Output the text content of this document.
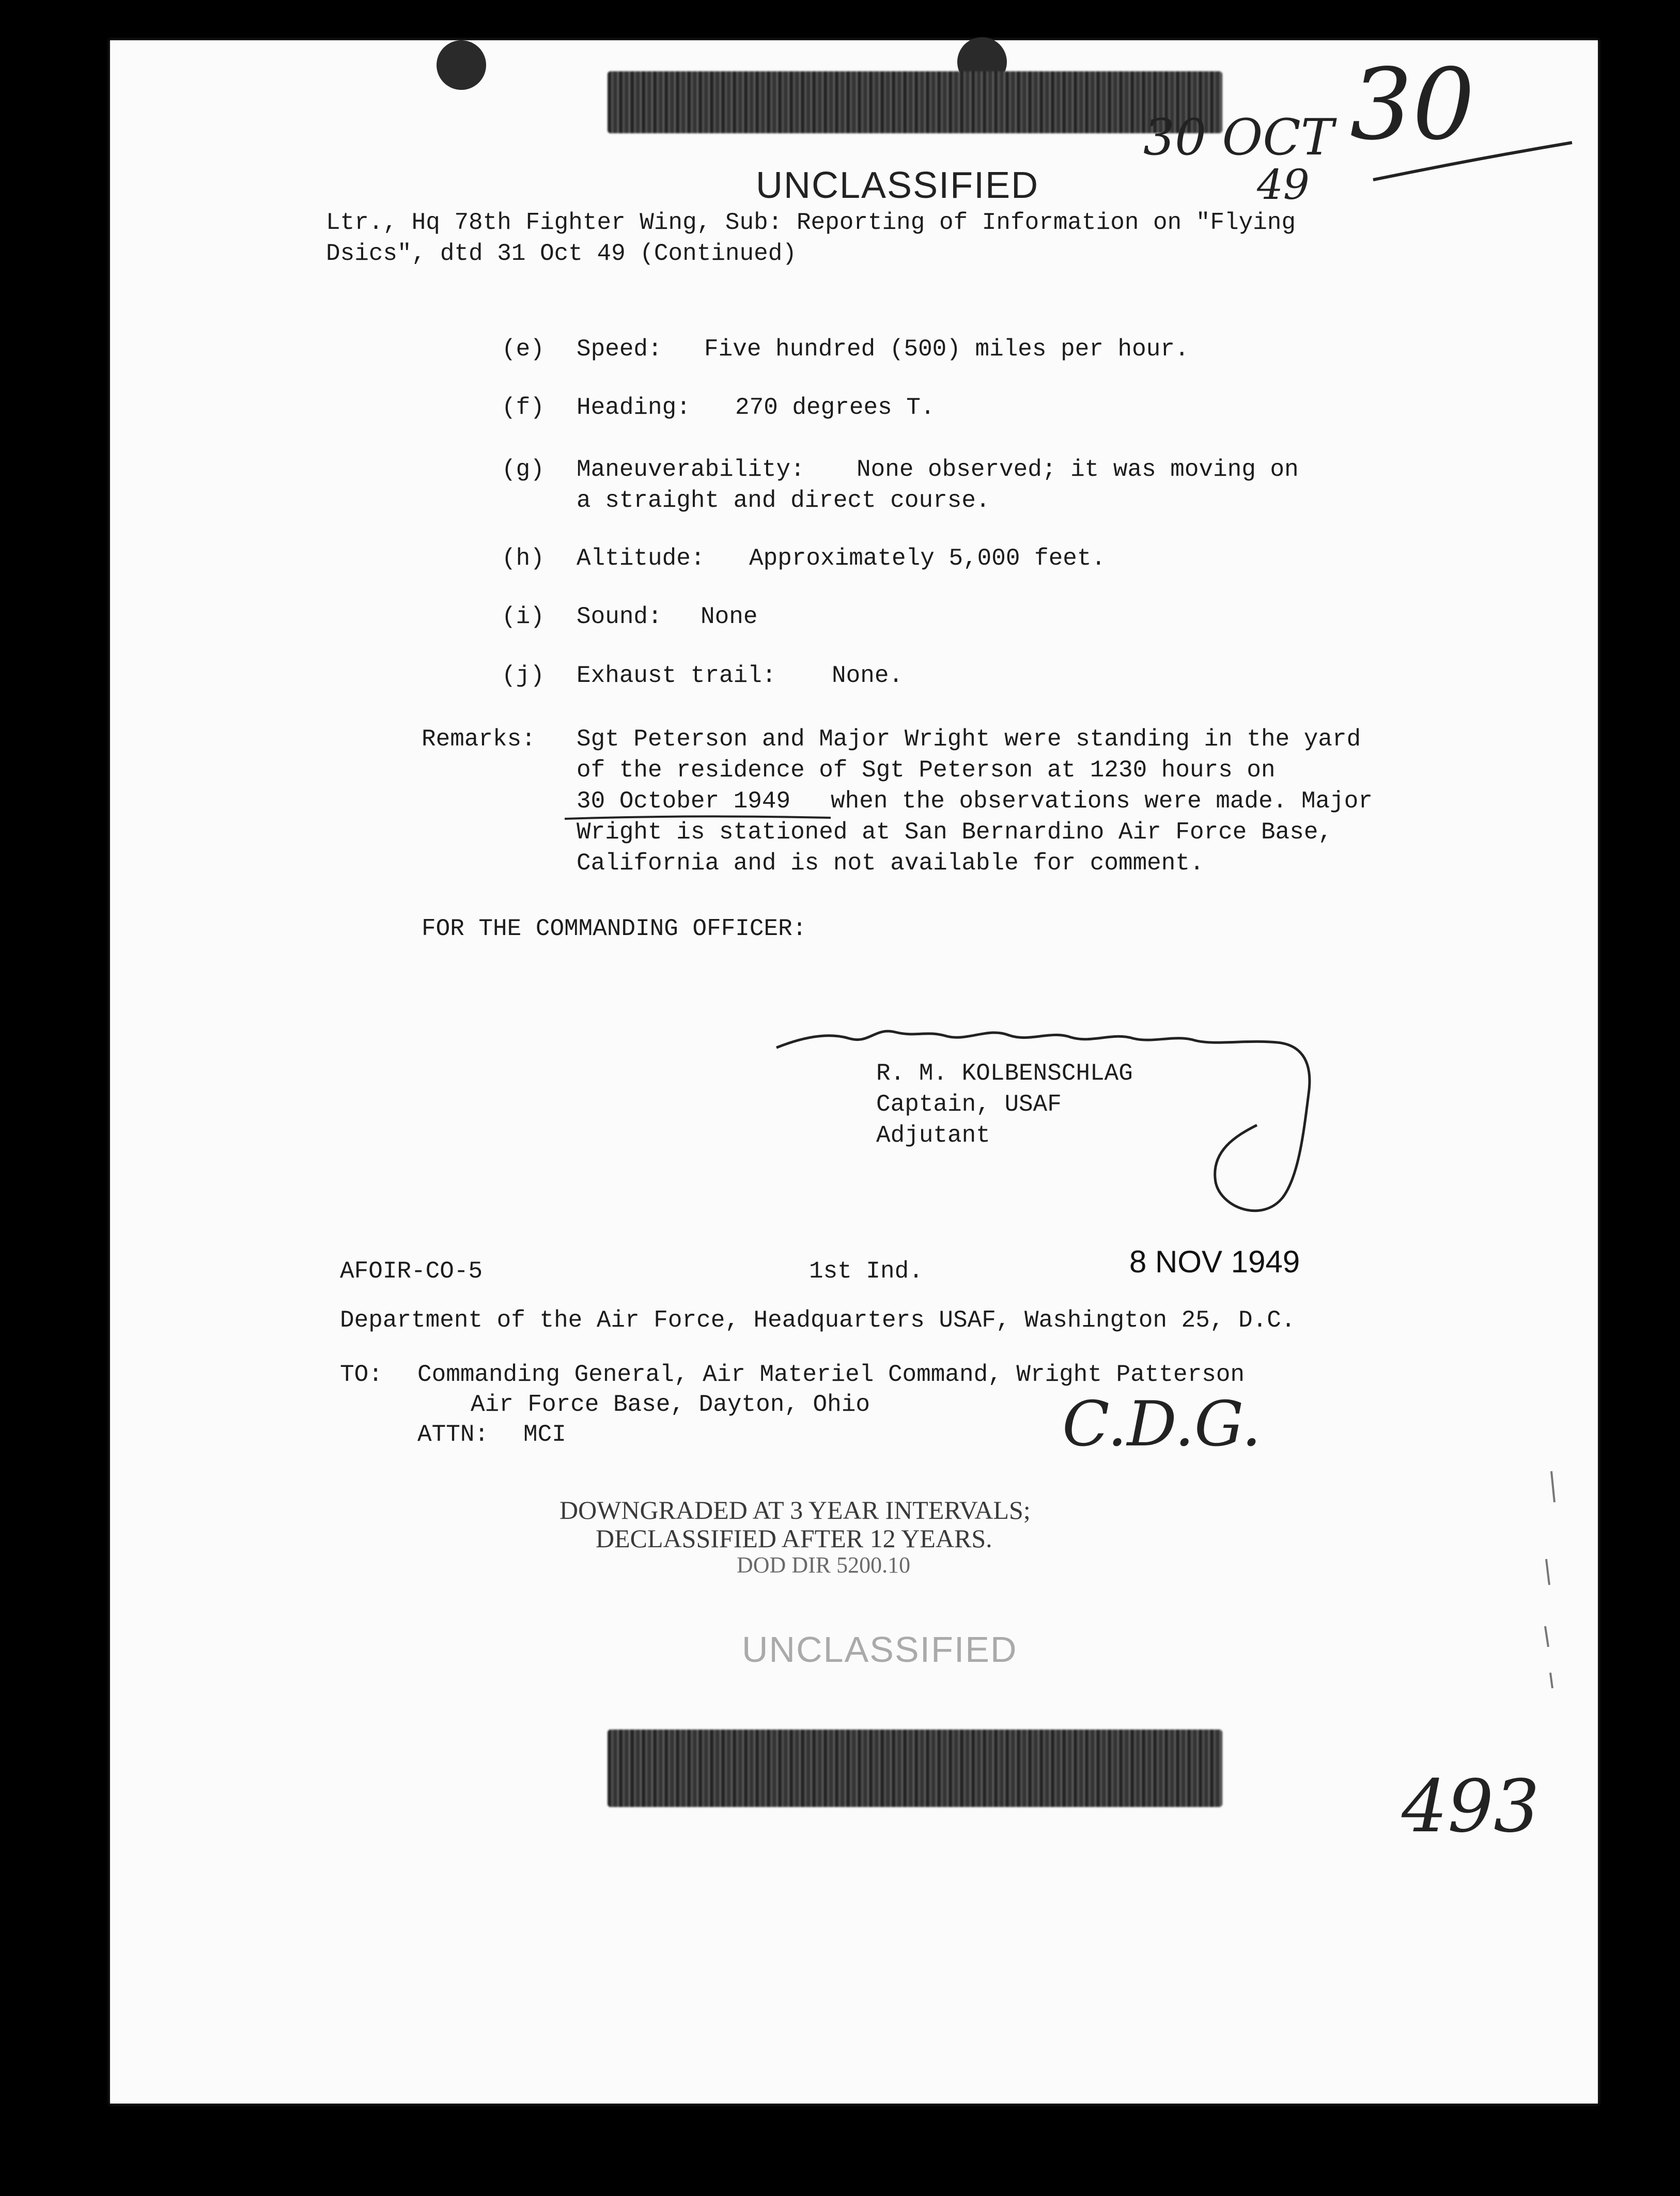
30 OCT
49
30
UNCLASSIFIED
Ltr., Hq 78th Fighter Wing, Sub: Reporting of Information on "Flying
Dsics", dtd 31 Oct 49 (Continued)
(e) Speed: Five hundred (500) miles per hour.
(f) Heading: 270 degrees T.
(g) Maneuverability: None observed; it was moving on
a straight and direct course.
(h) Altitude: Approximately 5,000 feet.
(i) Sound: None
(j) Exhaust trail: None.
Remarks: Sgt Peterson and Major Wright were standing in the yard
of the residence of Sgt Peterson at 1230 hours on
30 October 1949 when the observations were made. Major
Wright is stationed at San Bernardino Air Force Base,
California and is not available for comment.
FOR THE COMMANDING OFFICER:
R. M. KOLBENSCHLAG
Captain, USAF
Adjutant
AFOIR-CO-5	1st Ind.	8 NOV 1949
Department of the Air Force, Headquarters USAF, Washington 25, D.C.
TO: Commanding General, Air Materiel Command, Wright Patterson
Air Force Base, Dayton, Ohio
ATTN: MCI	C.D.G.
DOWNGRADED AT 3 YEAR INTERVALS;
DECLASSIFIED AFTER 12 YEARS.
DOD DIR 5200.10
UNCLASSIFIED
493
